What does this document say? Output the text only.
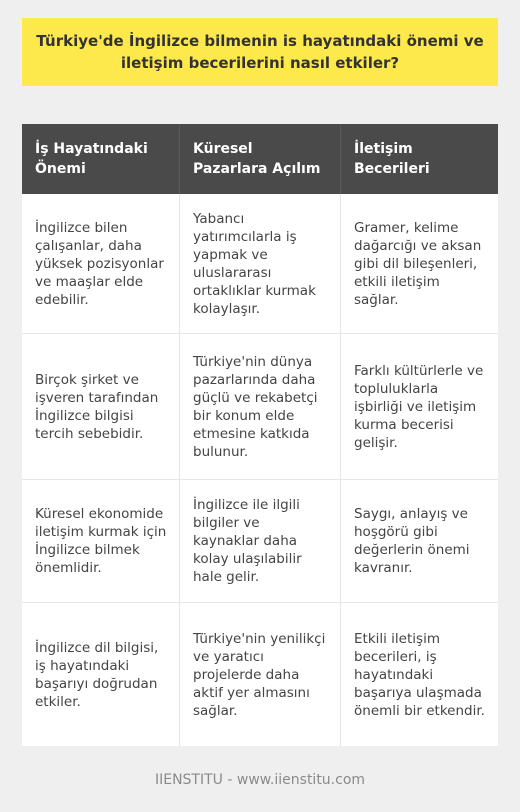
Türkiye'de İngilizce bilmenin is hayatındaki önemi ve iletişim becerilerini nasıl etkiler?
İş Hayatındaki Önemi
Küresel Pazarlara Açılım
İletişim Becerileri
İngilizce bilen çalışanlar, daha yüksek pozisyonlar ve maaşlar elde edebilir.
Yabancı yatırımcılarla iş yapmak ve uluslararası ortaklıklar kurmak kolaylaşır.
Gramer, kelime dağarcığı ve aksan gibi dil bileşenleri, etkili iletişim sağlar.
Birçok şirket ve işveren tarafından İngilizce bilgisi tercih sebebidir.
Türkiye'nin dünya pazarlarında daha güçlü ve rekabetçi bir konum elde etmesine katkıda bulunur.
Farklı kültürlerle ve topluluklarla işbirliği ve iletişim kurma becerisi gelişir.
Küresel ekonomide iletişim kurmak için İngilizce bilmek önemlidir.
İngilizce ile ilgili bilgiler ve kaynaklar daha kolay ulaşılabilir hale gelir.
Saygı, anlayış ve hoşgörü gibi değerlerin önemi kavranır.
İngilizce dil bilgisi, iş hayatındaki başarıyı doğrudan etkiler.
Türkiye'nin yenilikçi ve yaratıcı projelerde daha aktif yer almasını sağlar.
Etkili iletişim becerileri, iş hayatındaki başarıya ulaşmada önemli bir etkendir.
IIENSTITU - www.iienstitu.com
